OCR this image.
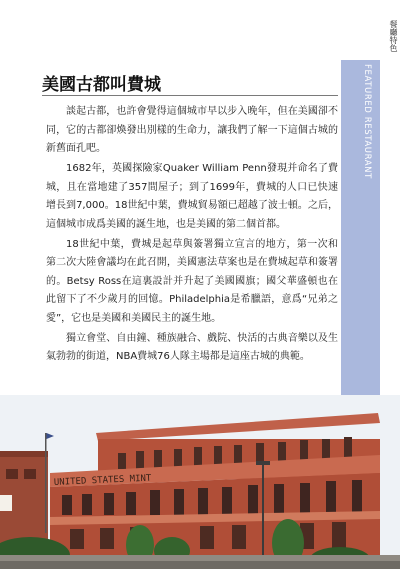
餐廳特色
FEATURED RESTAURANT
美國古都叫費城

談起古都，也許會覺得這個城市早以步入晚年，但在美國卻不同，它的古都卻煥發出別樣的生命力，讓我們了解一下這個古城的新舊面孔吧。

1682年，英國探險家Quaker William Penn發現并命名了費城，且在當地建了357間屋子；到了1699年，費城的人口已快速增長到7,000。18世紀中葉，費城貿易額已超越了波士頓。之后，這個城市成爲美國的誕生地，也是美國的第二個首都。

18世紀中葉，費城是起草與簽署獨立宣言的地方，第一次和第二次大陸會議均在此召開，美國憲法草案也是在費城起草和簽署的。Betsy Ross在這裏設計并升起了美國國旗；國父華盛頓也在此留下了不少歲月的回憶。Philadelphia是希臘語，意爲“兄弟之愛”，它也是美國和美國民主的誕生地。

獨立會堂、自由鐘、種族融合、戲院、快活的古典音樂以及生氣勃勃的街道，NBA費城76人隊主場都是這座古城的典範。

UNITED STATES MINT
